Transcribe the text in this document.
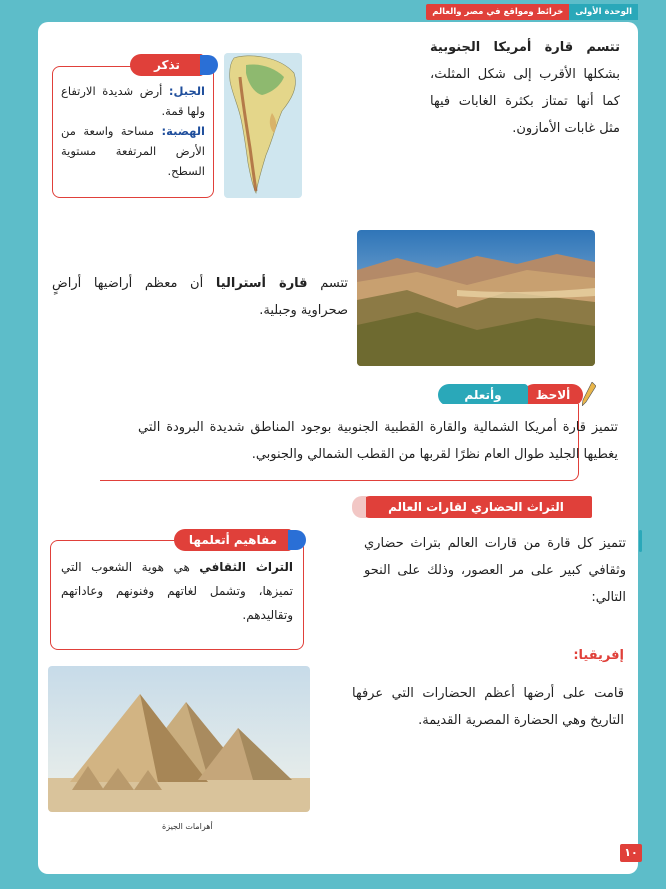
الوحدة الأولى
خرائط ومواقع في مصر والعالم
تتسم قارة أمريكا الجنوبية بشكلها الأقرب إلى شكل المثلث، كما أنها تمتاز بكثرة الغابات فيها مثل غابات الأمازون.
الجبل: أرض شديدة الارتفاع ولها قمة.
الهضبة: مساحة واسعة من الأرض المرتفعة مستوية السطح.
تذكر
تتسم قارة أستراليا أن معظم أراضيها أراضٍ صحراوية وجبلية.
ألاحظ
وأتعلم
تتميز قارة أمريكا الشمالية والقارة القطبية الجنوبية بوجود المناطق شديدة البرودة التي يغطيها الجليد طوال العام نظرًا لقربها من القطب الشمالي والجنوبي.
التراث الحضاري لقارات العالم
تتميز كل قارة من قارات العالم بتراث حضاري وثقافي كبير على مر العصور، وذلك على النحو التالي:
التراث الثقافي هي هوية الشعوب التي تميزها، وتشمل لغاتهم وفنونهم وعاداتهم وتقاليدهم.
مفاهيم أتعلمها
إفريقيا:
قامت على أرضها أعظم الحضارات التي عرفها التاريخ وهي الحضارة المصرية القديمة.
أهرامات الجيزة
١٠
